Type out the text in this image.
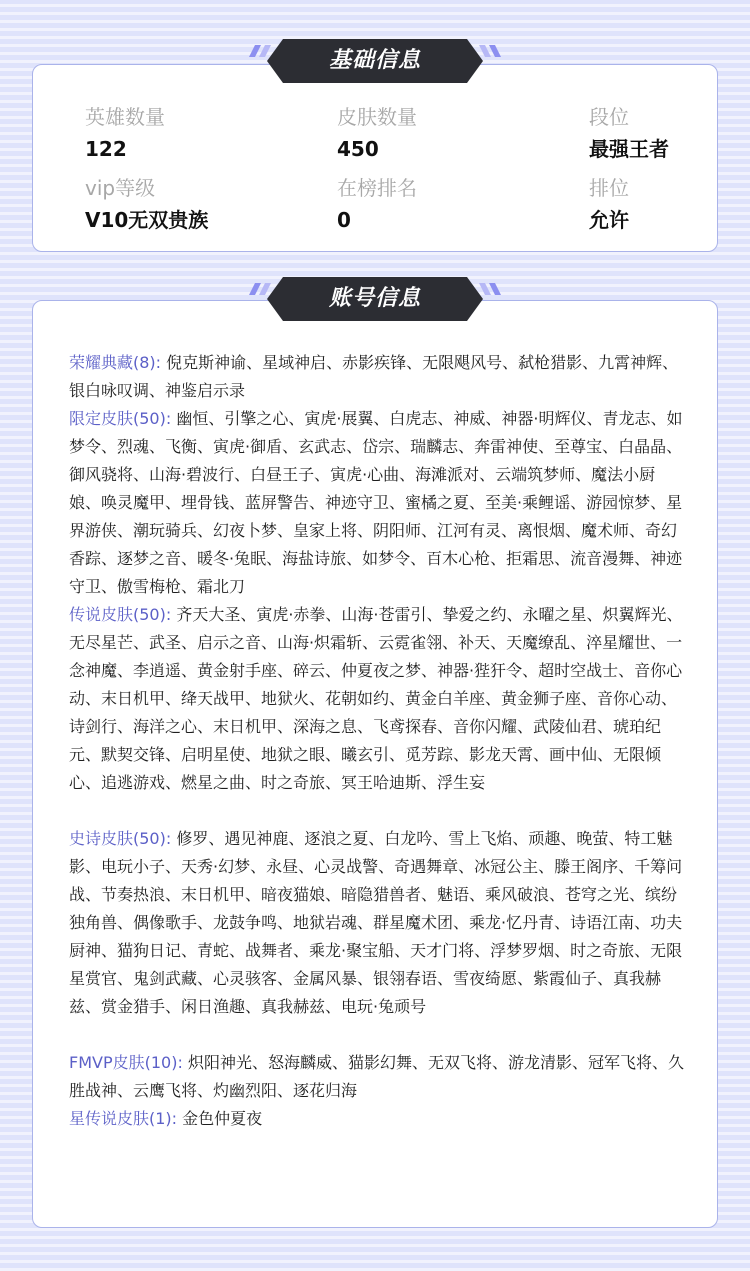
英雄数量
122
皮肤数量
450
段位
最强王者
vip等级
V10无双贵族
在榜排名
0
排位
允许
基础信息

荣耀典藏(8): 倪克斯神谕、星域神启、赤影疾锋、无限飓风号、弑枪猎影、九霄神辉、银白咏叹调、神鉴启示录

限定皮肤(50): 幽恒、引擎之心、寅虎·展翼、白虎志、神威、神器·明辉仪、青龙志、如梦令、烈魂、飞衡、寅虎·御盾、玄武志、岱宗、瑞麟志、奔雷神使、至尊宝、白晶晶、御风骁将、山海·碧波行、白昼王子、寅虎·心曲、海滩派对、云端筑梦师、魔法小厨娘、唤灵魔甲、埋骨钱、蓝屏警告、神迹守卫、蜜橘之夏、至美·乘鲤谣、游园惊梦、星界游侠、潮玩骑兵、幻夜卜梦、皇家上将、阴阳师、江河有灵、离恨烟、魔术师、奇幻香踪、逐梦之音、暖冬·兔眠、海盐诗旅、如梦令、百木心枪、拒霜思、流音漫舞、神迹守卫、傲雪梅枪、霜北刀

传说皮肤(50): 齐天大圣、寅虎·赤拳、山海·苍雷引、挚爱之约、永曜之星、炽翼辉光、无尽星芒、武圣、启示之音、山海·炽霜斩、云霓雀翎、补天、天魔缭乱、淬星耀世、一念神魔、李逍遥、黄金射手座、碎云、仲夏夜之梦、神器·狴犴令、超时空战士、音你心动、末日机甲、绛天战甲、地狱火、花朝如约、黄金白羊座、黄金狮子座、音你心动、诗剑行、海洋之心、末日机甲、深海之息、飞鸢探春、音你闪耀、武陵仙君、琥珀纪元、默契交锋、启明星使、地狱之眼、曦玄引、觅芳踪、影龙天霄、画中仙、无限倾心、追逃游戏、燃星之曲、时之奇旅、冥王哈迪斯、浮生妄

史诗皮肤(50): 修罗、遇见神鹿、逐浪之夏、白龙吟、雪上飞焰、顽趣、晚萤、特工魅影、电玩小子、天秀·幻梦、永昼、心灵战警、奇遇舞章、冰冠公主、滕王阁序、千筹问战、节奏热浪、末日机甲、暗夜猫娘、暗隐猎兽者、魅语、乘风破浪、苍穹之光、缤纷独角兽、偶像歌手、龙鼓争鸣、地狱岩魂、群星魔术团、乘龙·忆丹青、诗语江南、功夫厨神、猫狗日记、青蛇、战舞者、乘龙·聚宝船、天才门将、浮梦罗烟、时之奇旅、无限星赏官、鬼剑武藏、心灵骇客、金属风暴、银翎春语、雪夜绮愿、紫霞仙子、真我赫兹、赏金猎手、闲日渔趣、真我赫兹、电玩·兔顽号

FMVP皮肤(10): 炽阳神光、怒海麟威、猫影幻舞、无双飞将、游龙清影、冠军飞将、久胜战神、云鹰飞将、灼幽烈阳、逐花归海

星传说皮肤(1): 金色仲夏夜

账号信息
